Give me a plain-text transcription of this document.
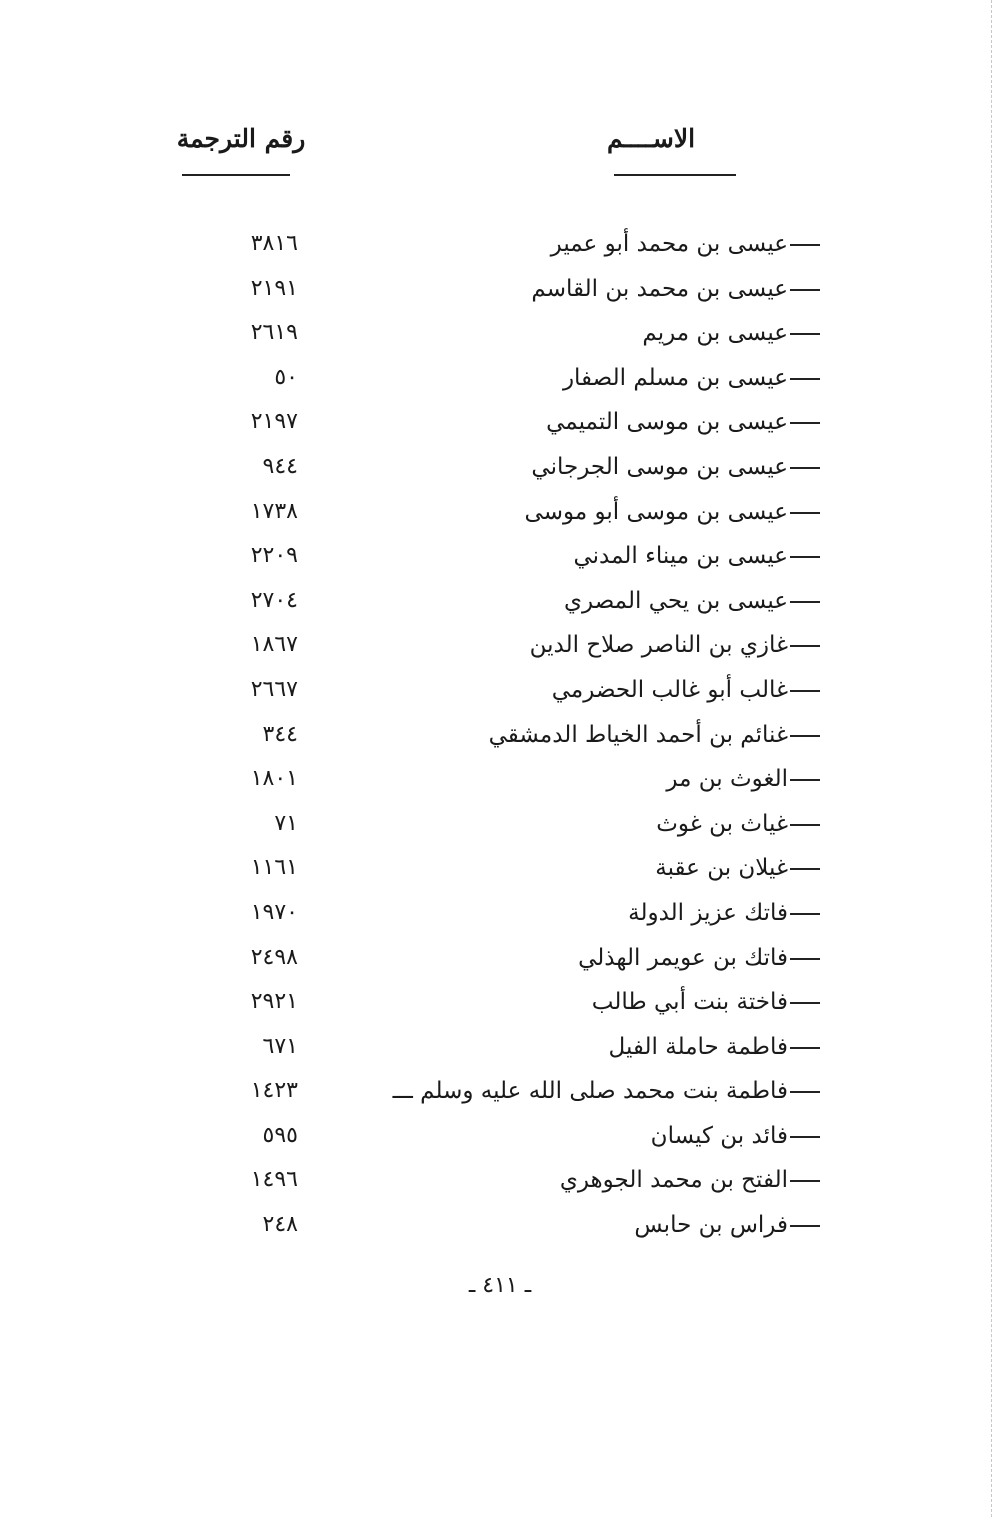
الاســــم
رقم الترجمة
عيسى بن محمد أبو عمير
٣٨١٦
عيسى بن محمد بن القاسم
٢١٩١
عيسى بن مريم
٢٦١٩
عيسى بن مسلم الصفار
٥٠
عيسى بن موسى التميمي
٢١٩٧
عيسى بن موسى الجرجاني
٩٤٤
عيسى بن موسى أبو موسى
١٧٣٨
عيسى بن ميناء المدني
٢٢٠٩
عيسى بن يحي المصري
٢٧٠٤
غازي بن الناصر صلاح الدين
١٨٦٧
غالب أبو غالب الحضرمي
٢٦٦٧
غنائم بن أحمد الخياط الدمشقي
٣٤٤
الغوث بن مر
١٨٠١
غياث بن غوث
٧١
غيلان بن عقبة
١١٦١
فاتك عزيز الدولة
١٩٧٠
فاتك بن عويمر الهذلي
٢٤٩٨
فاختة بنت أبي طالب
٢٩٢١
فاطمة حاملة الفيل
٦٧١
فاطمة بنت محمد صلى الله عليه وسلم ـــ
١٤٢٣
فائد بن كيسان
٥٩٥
الفتح بن محمد الجوهري
١٤٩٦
فراس بن حابس
٢٤٨
ـ ٤١١ ـ
